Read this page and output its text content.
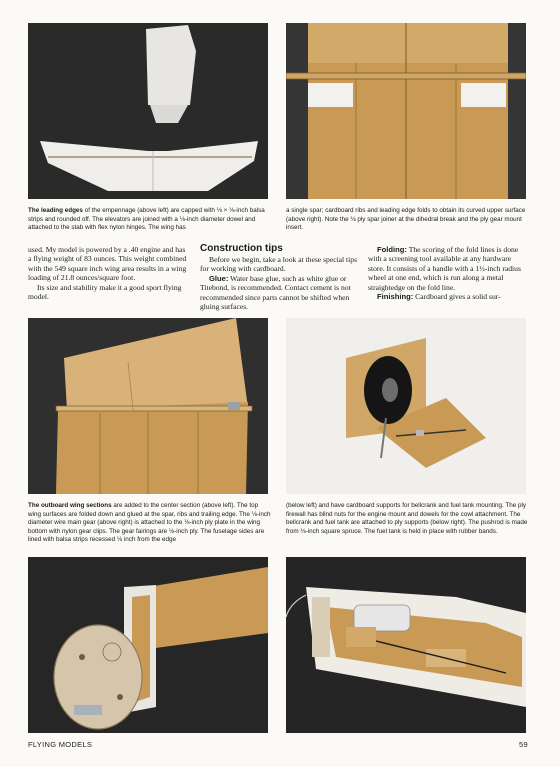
The leading edges of the empennage (above left) are capped with ⅛ × ⅛-inch balsa strips and rounded off. The elevators are joined with a ⅛-inch diameter dowel and attached to the stab with flex nylon hinges. The wing has

a single spar; cardboard ribs and leading edge folds to obtain its curved upper surface (above right). Note the ⅛ ply spar joiner at the dihedral break and the ply gear mount insert.

used. My model is powered by a .40 engine and has a flying weight of 83 ounces. This weight combined with the 549 square inch wing area results in a wing loading of 21.8 ounces/square foot.

Its size and stability make it a good sport flying model.

Construction tips

Before we begin, take a look at these special tips for working with cardboard.

Glue: Water base glue, such as white glue or Titebond, is recommended. Contact cement is not recommended since parts cannot be shifted when gluing surfaces.

Folding: The scoring of the fold lines is done with a screening tool available at any hardware store. It consists of a handle with a 1½-inch radius wheel at one end, which is run along a metal straightedge on the fold line.

Finishing: Cardboard gives a solid sur-

The outboard wing sections are added to the center section (above left). The top wing surfaces are folded down and glued at the spar, ribs and trailing edge. The ⅛-inch diameter wire main gear (above right) is attached to the ⅛-inch ply plate in the wing bottom with nylon gear clips. The gear fairings are ⅛-inch ply. The fuselage sides are lined with balsa strips recessed ⅛ inch from the edge

(below left) and have cardboard supports for bellcrank and fuel tank mounting. The ply firewall has blind nuts for the engine mount and dowels for the cowl attachment. The bellcrank and fuel tank are attached to ply supports (below right). The pushrod is made from ⅛-inch square spruce. The fuel tank is held in place with rubber bands.

FLYING MODELS	59
